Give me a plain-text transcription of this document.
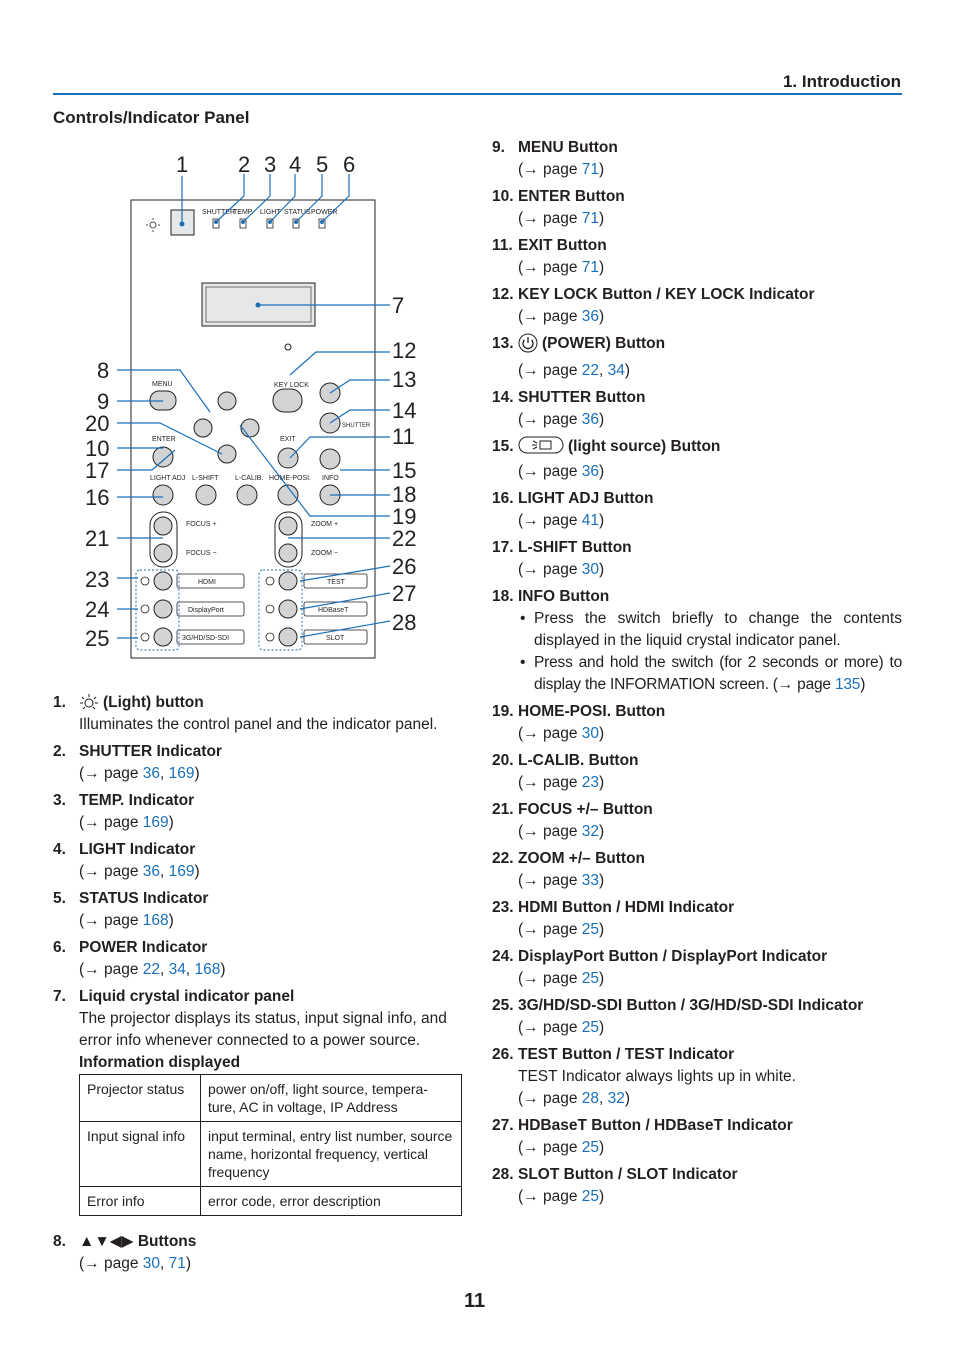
1. Introduction
Controls/Indicator Panel
SHUTTER
TEMP LIGHT STATUS POWER
KEY LOCK
MENU
ENTER	EXIT
SHUTTER
LIGHT ADJ L-SHIFT L-CALIB. HOME-POSI. INFO
FOCUS +
FOCUS −
ZOOM +
ZOOM −
HDMI
DisplayPort
3G/HD/SD-SDI
TEST
HDBaseT
SLOT
1 2 3 4 5 6
7
8
9
20
10
17
16
21
23
24
25
12
13
14
11
15
18
19
22
26
27
28
1.	(Light) button
Illuminates the control panel and the indicator panel.
2. SHUTTER Indicator
(→ page 36, 169)
3. TEMP. Indicator
(→ page 169)
4. LIGHT Indicator
(→ page 36, 169)
5. STATUS Indicator
(→ page 168)
6. POWER Indicator
(→ page 22, 34, 168)
7. Liquid crystal indicator panel
The projector displays its status, input signal info, and error info whenever connected to a power source.
Information displayed
Projector status	power on/off, light source, tempera-ture, AC in voltage, IP Address
Input signal info	input terminal, entry list number, source name, horizontal frequency, vertical frequency
Error info	error code, error description
8. ▲▼◀▶ Buttons
(→ page 30, 71)
9. MENU Button
(→ page 71)
10. ENTER Button
(→ page 71)
11. EXIT Button
(→ page 71)
12. KEY LOCK Button / KEY LOCK Indicator
(→ page 36)
13. (POWER) Button
(→ page 22, 34)
14. SHUTTER Button
(→ page 36)
15.	(light source) Button
(→ page 36)
16. LIGHT ADJ Button
(→ page 41)
17. L-SHIFT Button
(→ page 30)
18. INFO Button
• Press the switch briefly to change the contents displayed in the liquid crystal indicator panel.
• Press and hold the switch (for 2 seconds or more) to display the INFORMATION screen. (→ page 135)
19. HOME-POSI. Button
(→ page 30)
20. L-CALIB. Button
(→ page 23)
21. FOCUS +/– Button
(→ page 32)
22. ZOOM +/– Button
(→ page 33)
23. HDMI Button / HDMI Indicator
(→ page 25)
24. DisplayPort Button / DisplayPort Indicator
(→ page 25)
25. 3G/HD/SD-SDI Button / 3G/HD/SD-SDI Indicator
(→ page 25)
26. TEST Button / TEST Indicator
TEST Indicator always lights up in white.
(→ page 28, 32)
27. HDBaseT Button / HDBaseT Indicator
(→ page 25)
28. SLOT Button / SLOT Indicator
(→ page 25)
11
